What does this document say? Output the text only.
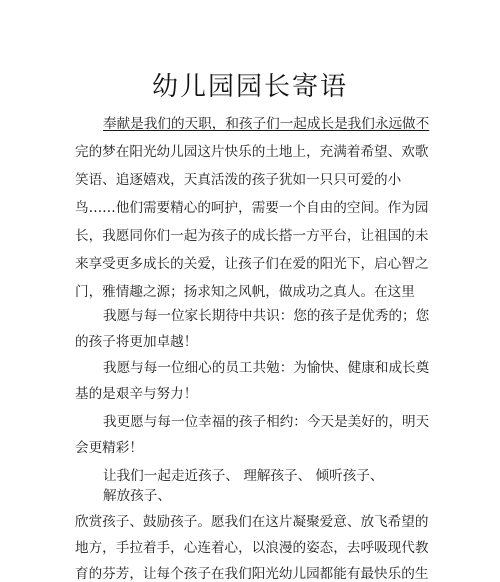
幼儿园园长寄语
奉献是我们的天职，和孩子们一起成长是我们永远做不
完的梦在阳光幼儿园这片快乐的土地上，充满着希望、欢歌
笑语、追逐嬉戏，天真活泼的孩子犹如一只只可爱的小
鸟……他们需要精心的呵护，需要一个自由的空间。作为园
长，我愿同你们一起为孩子的成长搭一方平台，让祖国的未
来享受更多成长的关爱，让孩子们在爱的阳光下，启心智之
门，雅情趣之源；扬求知之风帆，做成功之真人。在这里
我愿与每一位家长期待中共识：您的孩子是优秀的；您
的孩子将更加卓越！
我愿与每一位细心的员工共勉：为愉快、健康和成长奠
基的是艰辛与努力！
我更愿与每一位幸福的孩子相约：今天是美好的，明天
会更精彩！
让我们一起走近孩子、 理解孩子、 倾听孩子、
解放孩子、
欣赏孩子、鼓励孩子。愿我们在这片凝聚爱意、放飞希望的
地方，手拉着手，心连着心，以浪漫的姿态，去呼吸现代教
育的芬芳，让每个孩子在我们阳光幼儿园都能有最快乐的生
